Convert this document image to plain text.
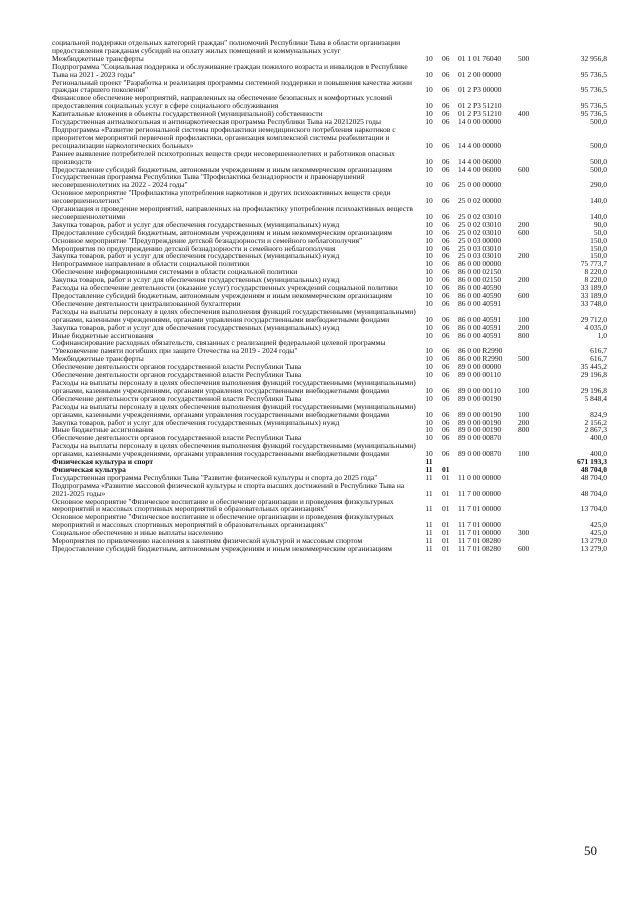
социальной поддержки отдельных категорий граждан" полномочий Республики Тыва в области организации предоставления гражданам субсидий на оплату жилых помещений и коммунальных услуг					
Межбюджетные трансферты	10	06	01 1 01 76040	500	32 956,8
Подпрограмма "Социальная поддержка и обслуживание граждан пожилого возраста и инвалидов в Республике Тыва на 2021 - 2023 годы"	10	06	01 2 00 00000		95 736,5
Региональный проект "Разработка и реализация программы системной поддержки и повышения качества жизни граждан старшего поколения"	10	06	01 2 P3 00000		95 736,5
Финансовое обеспечение мероприятий, направленных на обеспечение безопасных и комфортных условий предоставления социальных услуг в сфере социального обслуживания	10	06	01 2 P3 51210		95 736,5
Капитальные вложения в объекты государственной (муниципальной) собственности	10	06	01 2 P3 51210	400	95 736,5
Государственная антиалкогольная и антинаркотическая программа Республики Тыва на 20212025 годы	10	06	14 0 00 00000		500,0
Подпрограмма «Развитие региональной системы профилактики немедицинского потребления наркотиков с приоритетом мероприятий первичной профилактики, организация комплексной системы реабилитации и ресоциализации наркологических больных»	10	06	14 4 00 00000		500,0
Раннее выявление потребителей психотропных веществ среди несовершеннолетних и работников опасных производств	10	06	14 4 00 06000		500,0
Предоставление субсидий бюджетным, автономным учреждениям и иным некоммерческим организациям	10	06	14 4 00 06000	600	500,0
Государственная программа Республики Тыва "Профилактика безнадзорности и правонарушений несовершеннолетних на 2022 - 2024 годы"	10	06	25 0 00 00000		290,0
Основное мероприятие "Профилактика употребления наркотиков и других психоактивных веществ среди несовершеннолетних"	10	06	25 0 02 00000		140,0
Организация и проведение мероприятий, направленных на профилактику употребления психоактивных веществ несовершеннолетними	10	06	25 0 02 03010		140,0
Закупка товаров, работ и услуг для обеспечения государственных (муниципальных) нужд	10	06	25 0 02 03010	200	90,0
Предоставление субсидий бюджетным, автономным учреждениям и иным некоммерческим организациям	10	06	25 0 02 03010	600	50,0
Основное мероприятие "Предупреждение детской безнадзорности и семейного неблагополучия"	10	06	25 0 03 00000		150,0
Мероприятия по предупреждению детской безнадзорности и семейного неблагополучия	10	06	25 0 03 03010		150,0
Закупка товаров, работ и услуг для обеспечения государственных (муниципальных) нужд	10	06	25 0 03 03010	200	150,0
Непрограммное направление в области социальной политики	10	06	86 0 00 00000		75 773,7
Обеспечение информационными системами в области социальной политики	10	06	86 0 00 02150		8 220,0
Закупка товаров, работ и услуг для обеспечения государственных (муниципальных) нужд	10	06	86 0 00 02150	200	8 220,0
Расходы на обеспечение деятельности (оказание услуг) государственных учреждений социальной политики	10	06	86 0 00 40590		33 189,0
Предоставление субсидий бюджетным, автономным учреждениям и иным некоммерческим организациям	10	06	86 0 00 40590	600	33 189,0
Обеспечение деятельности централизованной бухгалтерии	10	06	86 0 00 40591		33 748,0
Расходы на выплаты персоналу в целях обеспечения выполнения функций государственными (муниципальными) органами, казенными учреждениями, органами управления государственными внебюджетными фондами	10	06	86 0 00 40591	100	29 712,0
Закупка товаров, работ и услуг для обеспечения государственных (муниципальных) нужд	10	06	86 0 00 40591	200	4 035,0
Иные бюджетные ассигнования	10	06	86 0 00 40591	800	1,0
Софинансирование расходных обязательств, связанных с реализацией федеральной целевой программы "Увековечение памяти погибших при защите Отечества на 2019 - 2024 годы"	10	06	86 0 00 R2990		616,7
Межбюджетные трансферты	10	06	86 0 00 R2990	500	616,7
Обеспечение деятельности органов государственной власти Республики Тыва	10	06	89 0 00 00000		35 445,2
Обеспечение деятельности органов государственной власти Республики Тыва	10	06	89 0 00 00110		29 196,8
Расходы на выплаты персоналу в целях обеспечения выполнения функций государственными (муниципальными) органами, казенными учреждениями, органами управления государственными внебюджетными фондами	10	06	89 0 00 00110	100	29 196,8
Обеспечение деятельности органов государственной власти Республики Тыва	10	06	89 0 00 00190		5 848,4
Расходы на выплаты персоналу в целях обеспечения выполнения функций государственными (муниципальными) органами, казенными учреждениями, органами управления государственными внебюджетными фондами	10	06	89 0 00 00190	100	824,9
Закупка товаров, работ и услуг для обеспечения государственных (муниципальных) нужд	10	06	89 0 00 00190	200	2 156,2
Иные бюджетные ассигнования	10	06	89 0 00 00190	800	2 867,3
Обеспечение деятельности органов государственной власти Республики Тыва	10	06	89 0 00 00870		400,0
Расходы на выплаты персоналу в целях обеспечения выполнения функций государственными (муниципальными) органами, казенными учреждениями, органами управления государственными внебюджетными фондами	10	06	89 0 00 00870	100	400,0
Физическая культура и спорт	11				671 193,3
Физическая культура	11	01			48 704,0
Государственная программа Республики Тыва "Развитие физической культуры и спорта до 2025 года"	11	01	11 0 00 00000		48 704,0
Подпрограмма «Развитие массовой физической культуры и спорта высших достижений в Республике Тыва на 2021-2025 годы»	11	01	11 7 00 00000		48 704,0
Основное мероприятие "Физическое воспитание и обеспечение организации и проведения физкультурных мероприятий и массовых спортивных мероприятий в образовательных организациях"	11	01	11 7 01 00000		13 704,0
Основное мероприятие "Физическое воспитание и обеспечение организации и проведения физкультурных мероприятий и массовых спортивных мероприятий в образовательных организациях"	11	01	11 7 01 00000		425,0
Социальное обеспечение и иные выплаты населению	11	01	11 7 01 00000	300	425,0
Мероприятия по привлечению населения к занятиям физической культурой и массовым спортом	11	01	11 7 01 08280		13 279,0
Предоставление субсидий бюджетным, автономным учреждениям и иным некоммерческим организациям	11	01	11 7 01 08280	600	13 279,0
50
